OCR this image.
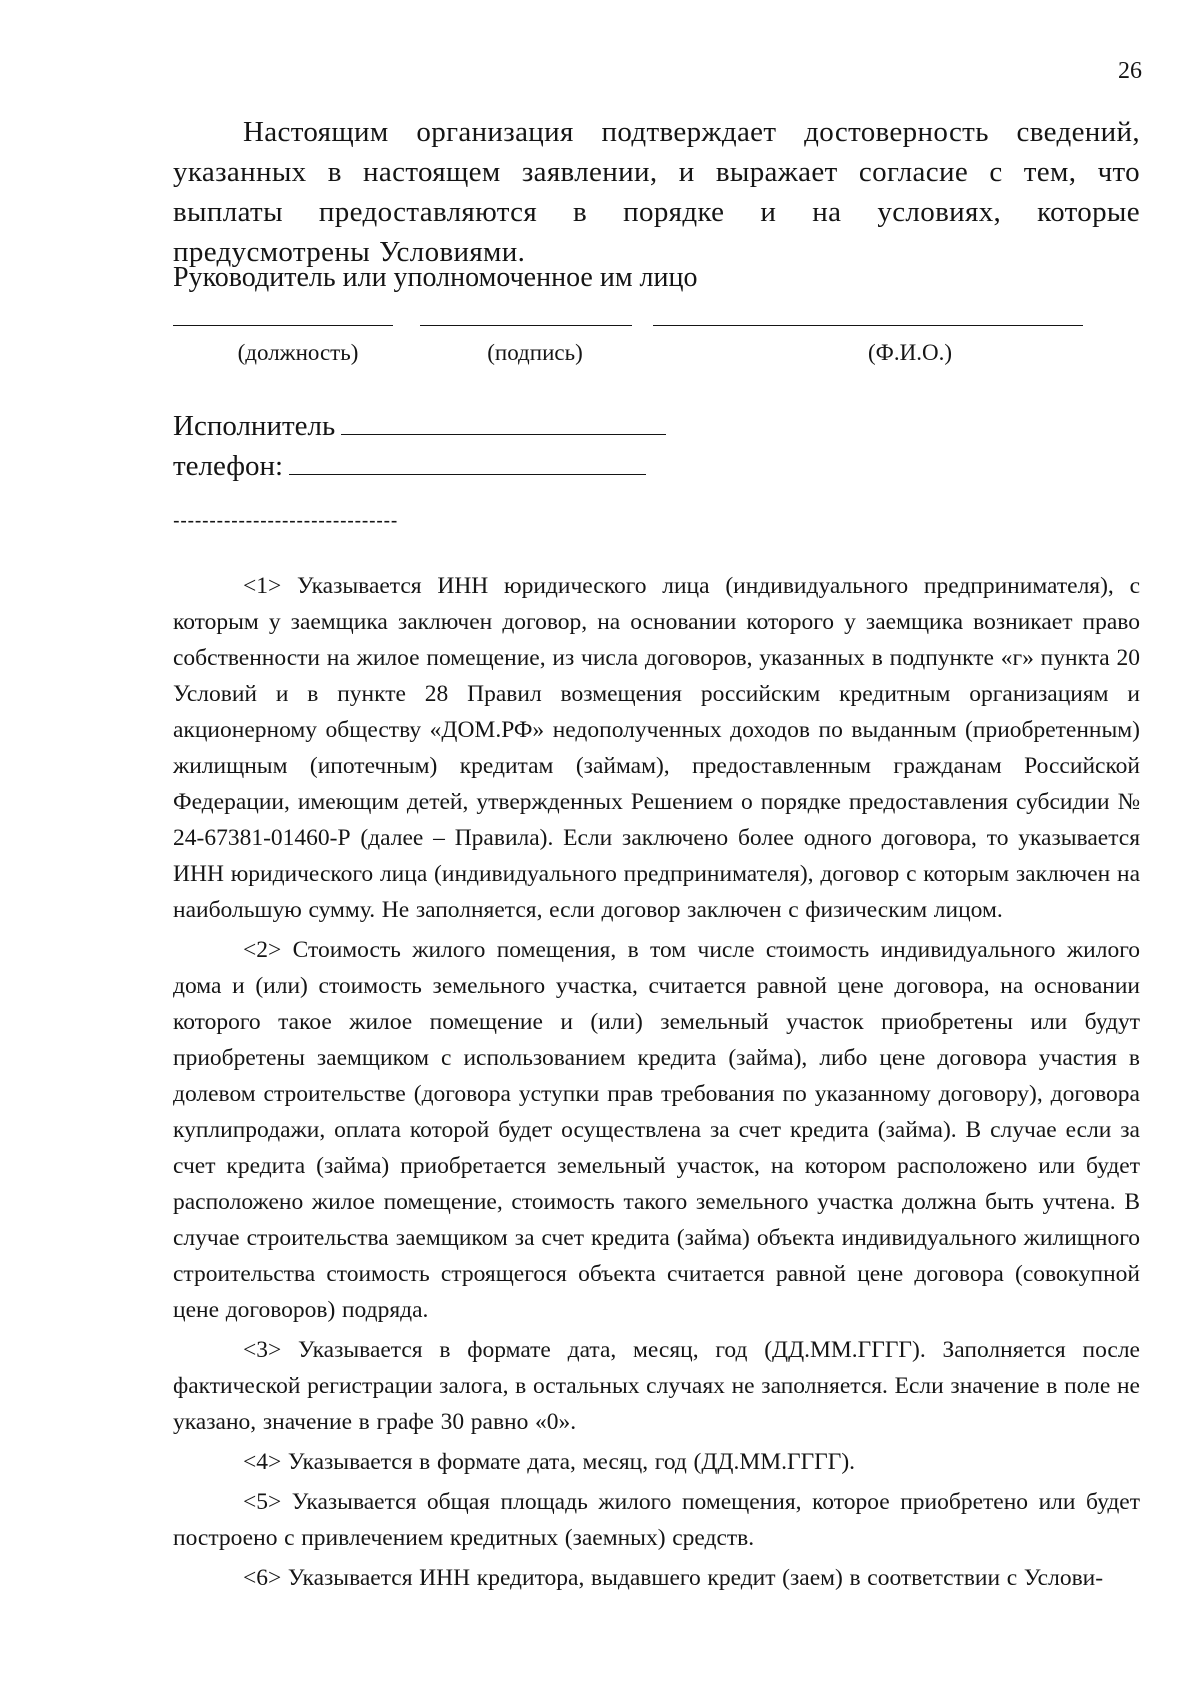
26

Настоящим организация подтверждает достоверность сведений, указанных в настоящем заявлении, и выражает согласие с тем, что выплаты предоставляются в порядке и на условиях, которые предусмотрены Условиями.

Руководитель или уполномоченное им лицо

(должность)	(подпись)	(Ф.И.О.)
Исполнитель
телефон:

-------------------------------

<1> Указывается ИНН юридического лица (индивидуального предпринимателя), с которым у заемщика заключен договор, на основании которого у заемщика возникает право собственности на жилое помещение, из числа договоров, указанных в подпункте «г» пункта 20 Условий и в пункте 28 Правил возмещения российским кредитным организациям и акционерному обществу «ДОМ.РФ» недополученных доходов по выданным (приобретенным) жилищным (ипотечным) кредитам (займам), предоставленным гражданам Российской Федерации, имеющим детей, утвержденных Решением о порядке предоставления субсидии № 24-67381-01460-Р (далее – Правила). Если заключено более одного договора, то указывается ИНН юридического лица (индивидуального предпринимателя), договор с которым заключен на наибольшую сумму. Не заполняется, если договор заключен с физическим лицом.

<2> Стоимость жилого помещения, в том числе стоимость индивидуального жилого дома и (или) стоимость земельного участка, считается равной цене договора, на основании которого такое жилое помещение и (или) земельный участок приобретены или будут приобретены заемщиком с использованием кредита (займа), либо цене договора участия в долевом строительстве (договора уступки прав требования по указанному договору), договора куплипродажи, оплата которой будет осуществлена за счет кредита (займа). В случае если за счет кредита (займа) приобретается земельный участок, на котором расположено или будет расположено жилое помещение, стоимость такого земельного участка должна быть учтена. В случае строительства заемщиком за счет кредита (займа) объекта индивидуального жилищного строительства стоимость строящегося объекта считается равной цене договора (совокупной цене договоров) подряда.

<3> Указывается в формате дата, месяц, год (ДД.ММ.ГГГГ). Заполняется после фактической регистрации залога, в остальных случаях не заполняется. Если значение в поле не указано, значение в графе 30 равно «0».

<4> Указывается в формате дата, месяц, год (ДД.ММ.ГГГГ).

<5> Указывается общая площадь жилого помещения, которое приобретено или будет построено с привлечением кредитных (заемных) средств.

<6> Указывается ИНН кредитора, выдавшего кредит (заем) в соответствии с Услови-
